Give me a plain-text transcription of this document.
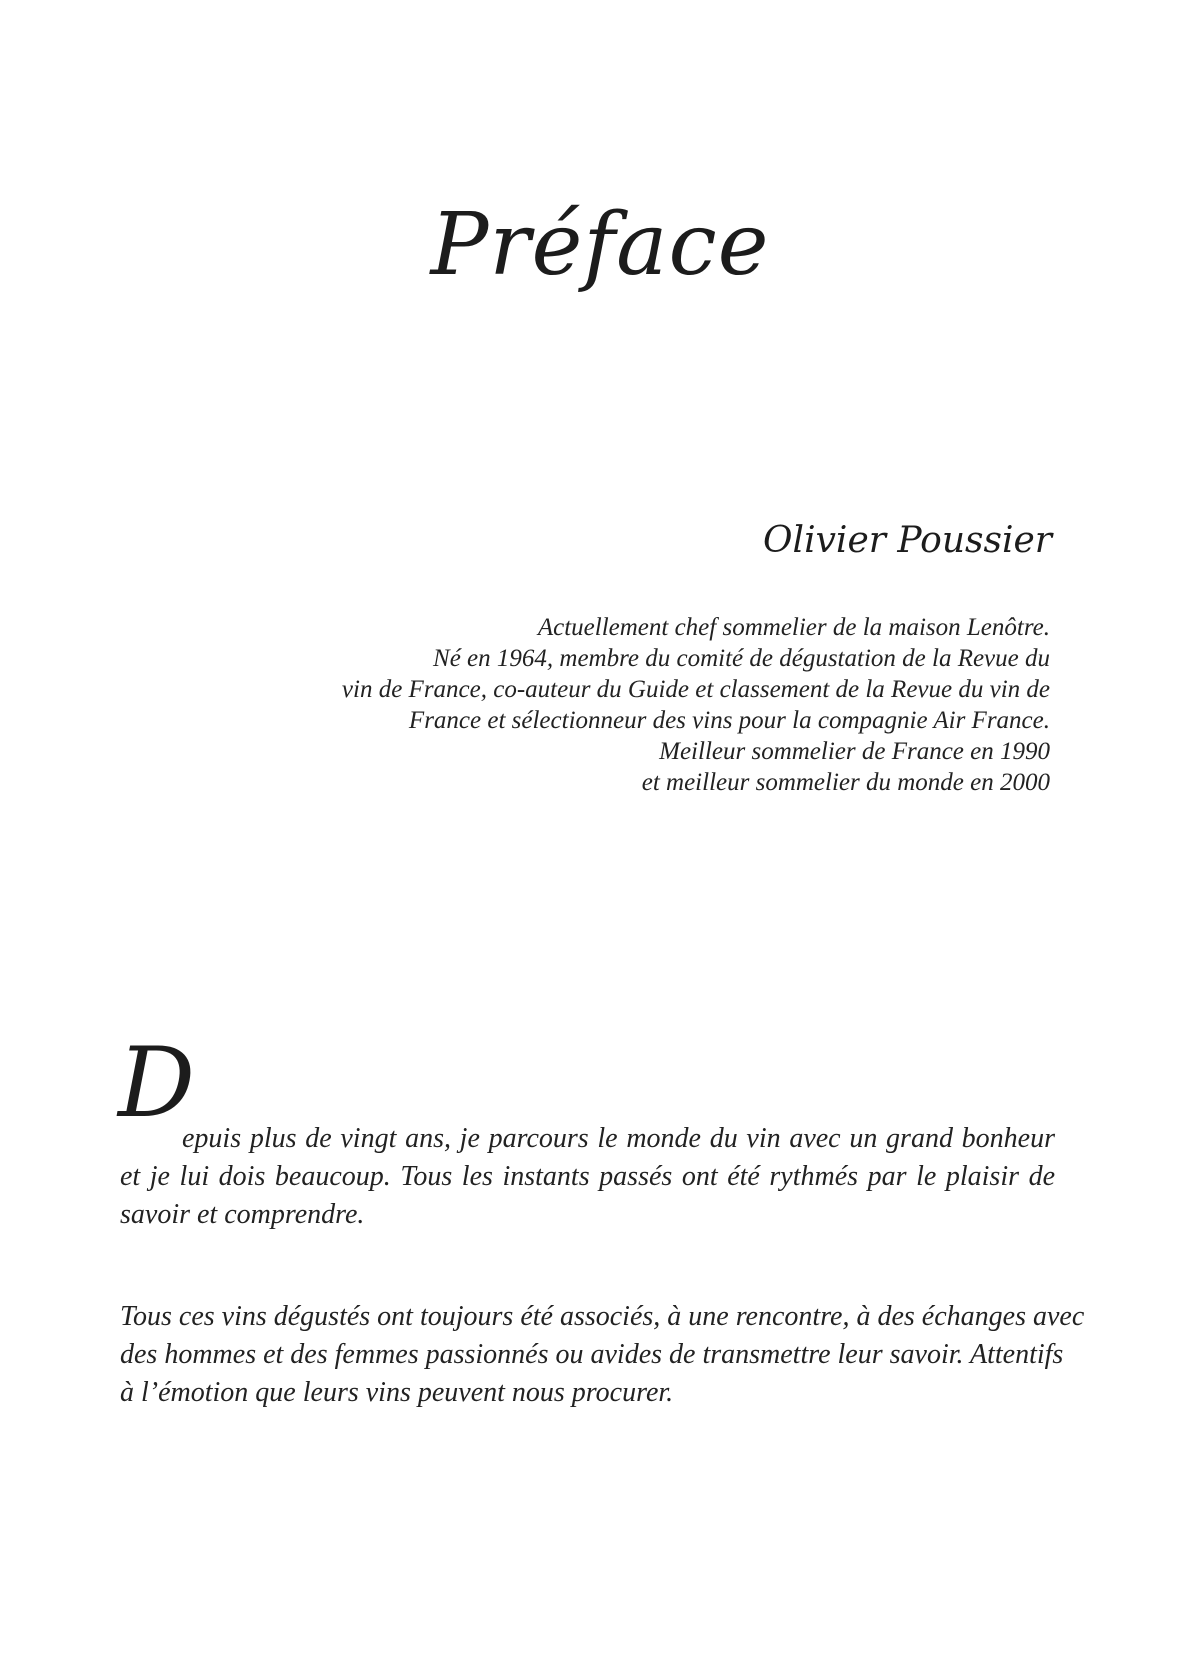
Préface
Olivier Poussier
Actuellement chef sommelier de la maison Lenôtre.
Né en 1964, membre du comité de dégustation de la Revue du
vin de France, co-auteur du Guide et classement de la Revue du vin de
France et sélectionneur des vins pour la compagnie Air France.
Meilleur sommelier de France en 1990
et meilleur sommelier du monde en 2000
D
epuis plus de vingt ans, je parcours le monde du vin avec un grand bonheur
et je lui dois beaucoup. Tous les instants passés ont été rythmés par le plaisir de
savoir et comprendre.
Tous ces vins dégustés ont toujours été associés, à une rencontre, à des échanges avec
des hommes et des femmes passionnés ou avides de transmettre leur savoir. Attentifs
à l’émotion que leurs vins peuvent nous procurer.
